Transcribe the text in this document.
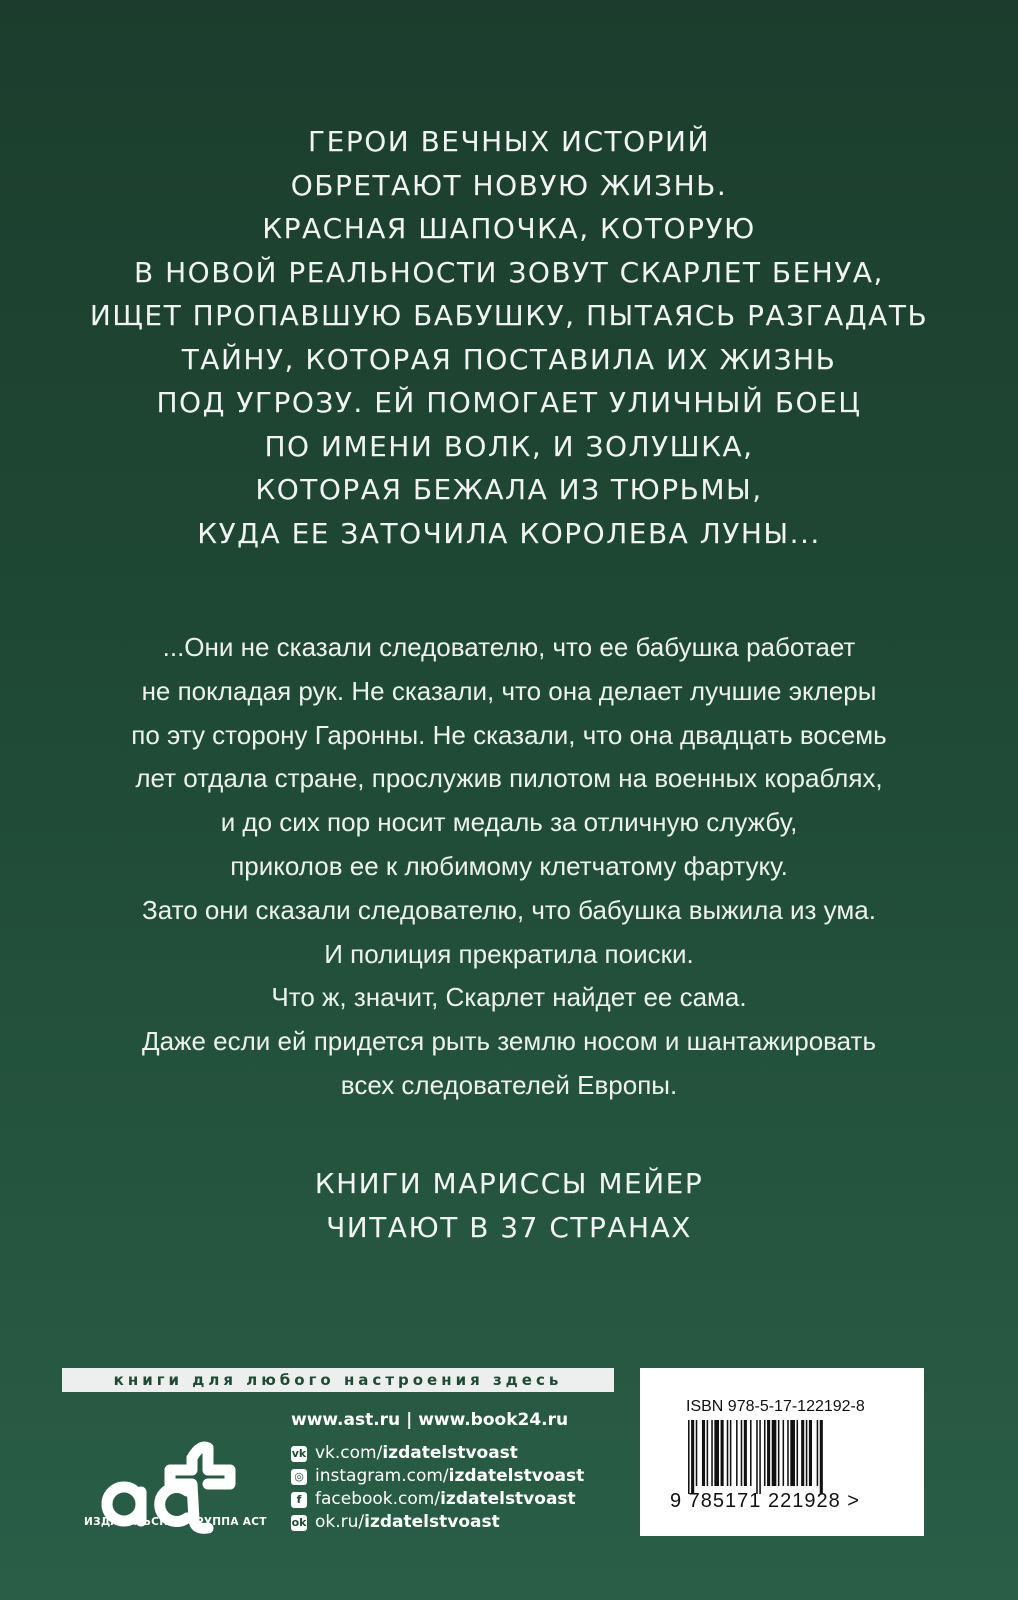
ГЕРОИ ВЕЧНЫХ ИСТОРИЙ
ОБРЕТАЮТ НОВУЮ ЖИЗНЬ.
КРАСНАЯ ШАПОЧКА, КОТОРУЮ
В НОВОЙ РЕАЛЬНОСТИ ЗОВУТ СКАРЛЕТ БЕНУА,
ИЩЕТ ПРОПАВШУЮ БАБУШКУ, ПЫТАЯСЬ РАЗГАДАТЬ
ТАЙНУ, КОТОРАЯ ПОСТАВИЛА ИХ ЖИЗНЬ
ПОД УГРОЗУ. ЕЙ ПОМОГАЕТ УЛИЧНЫЙ БОЕЦ
ПО ИМЕНИ ВОЛК, И ЗОЛУШКА,
КОТОРАЯ БЕЖАЛА ИЗ ТЮРЬМЫ,
КУДА ЕЕ ЗАТОЧИЛА КОРОЛЕВА ЛУНЫ...
...Они не сказали следователю, что ее бабушка работает
не покладая рук. Не сказали, что она делает лучшие эклеры
по эту сторону Гаронны. Не сказали, что она двадцать восемь
лет отдала стране, прослужив пилотом на военных кораблях,
и до сих пор носит медаль за отличную службу,
приколов ее к любимому клетчатому фартуку.
Зато они сказали следователю, что бабушка выжила из ума.
И полиция прекратила поиски.
Что ж, значит, Скарлет найдет ее сама.
Даже если ей придется рыть землю носом и шантажировать
всех следователей Европы.
КНИГИ МАРИССЫ МЕЙЕР
ЧИТАЮТ В 37 СТРАНАХ
книги для любого настроения здесь
ИЗДАТЕЛЬСКАЯ ГРУППА АСТ
www.ast.ru | www.book24.ru
vk vk.com/ izdatelstvoast
◎ instagram.com/ izdatelstvoast
f facebook.com/ izdatelstvoast
ok ok.ru/ izdatelstvoast
ISBN 978-5-17-122192-8
9 785171 221928 >
